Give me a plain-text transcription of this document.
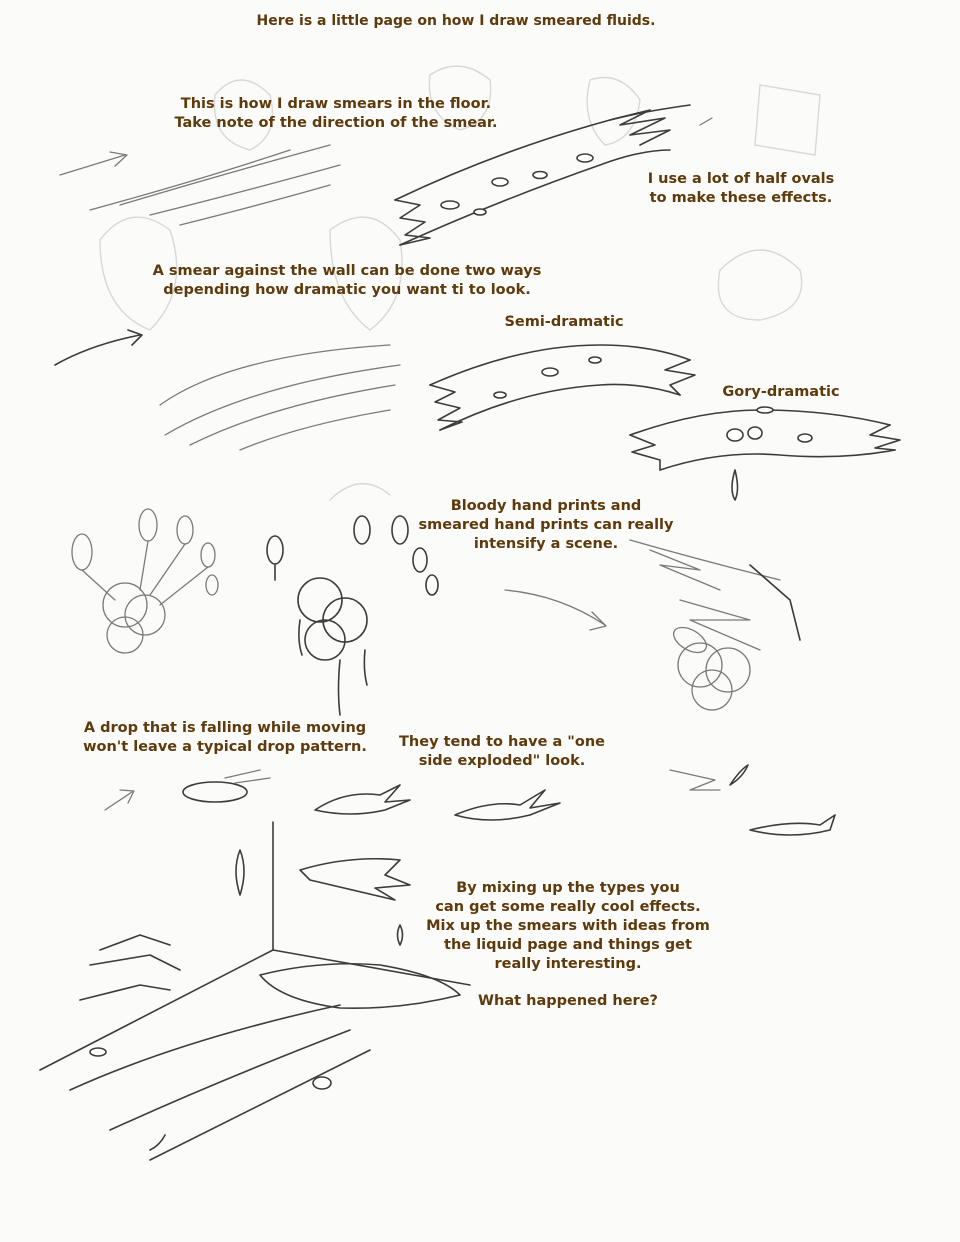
Here is a little page on how I draw smeared fluids.
This is how I draw smears in the floor.
Take note of the direction of the smear.
I use a lot of half ovals
to make these effects.
A smear against the wall can be done two ways
depending how dramatic you want ti to look.
Semi-dramatic
Gory-dramatic
Bloody hand prints and
smeared hand prints can really
intensify a scene.
A drop that is falling while moving
won't leave a typical drop pattern. They tend to have a "one
side exploded" look.
By mixing up the types you
can get some really cool effects.
Mix up the smears with ideas from
the liquid page and things get
really interesting.
What happened here?
